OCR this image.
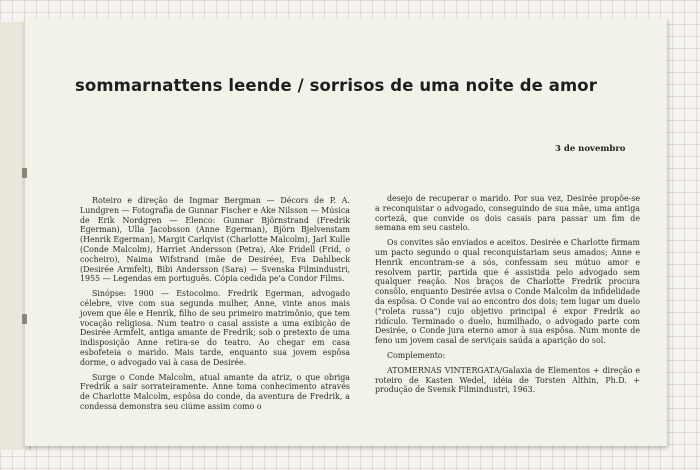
sommarnattens leende / sorrisos de uma noite de amor
3 de novembro

Roteiro e direção de Ingmar Bergman — Décors de P. A. Lundgren — Fotografia de Gunnar Fischer e Ake Nilsson — Música de Erik Nordgren — Elenco: Gunnar Björnstrand (Fredrik Egerman), Ulla Jacobsson (Anne Egerman), Björn Bjelvenstam (Henrik Egerman), Margit Carlqvist (Charlotte Malcolm), Jarl Kulle (Conde Malcolm), Harriet Andersson (Petra), Ake Fridell (Frid, o cocheiro), Naima Wifstrand (mãe de Desirée), Eva Dahlbeck (Desirée Armfelt), Bibi Andersson (Sara) — Svenska Filmindustri, 1955 — Legendas em português. Cópia cedida pe'a Condor Films.

Sinópse: 1900 — Estocolmo. Fredrik Egerman, advogado célebre, vive com sua segunda mulher, Anne, vinte anos mais jovem que êle e Henrik, filho de seu primeiro matrimônio, que tem vocação religiosa. Num teatro o casal assiste a uma exibição de Desirée Armfelt, antiga amante de Fredrik; sob o pretexto de uma indisposição Anne retira-se do teatro. Ao chegar em casa esbofeteia o marido. Mais tarde, enquanto sua jovem espôsa dorme, o advogado vai à casa de Desirée.

Surge o Conde Malcolm, atual amante da atriz, o que obriga Fredrik a sair sorrateiramente. Anne toma conhecimento através de Charlotte Malcolm, espôsa do conde, da aventura de Fredrik, a condessa demonstra seu ciúme assim como o

desejo de recuperar o marido. Por sua vez, Desirée propõe-se a reconquistar o advogado, conseguindo de sua mãe, uma antiga cortezã, que convide os dois casais para passar um fim de semana em seu castelo.

Os convites são enviados e aceitos. Desirée e Charlotte firmam um pacto segundo o qual reconquistariam seus amados; Anne e Henrik encontram-se a sós, confessam seu mútuo amor e resolvem partir, partida que é assistida pelo advogado sem qualquer reação. Nos braços de Charlotte Fredrik procura consôlo, enquanto Desirée avisa o Conde Malcolm da infidelidade da espôsa. O Conde vai ao encontro dos dois; tem lugar um duelo ("roleta russa") cujo objetivo principal é expor Fredrik ao ridículo. Terminado o duelo, humilhado, o advogado parte com Desirée, o Conde jura eterno amor à sua espôsa. Num monte de feno um jovem casal de serviçais saúda a aparição do sol.

Complemento:

ATOMERNAS VINTERGATA/Galaxia de Elementos + direção e roteiro de Kasten Wedel, idéia de Torsten Althin, Ph.D. + produção de Svensk Filmindustri, 1963.
